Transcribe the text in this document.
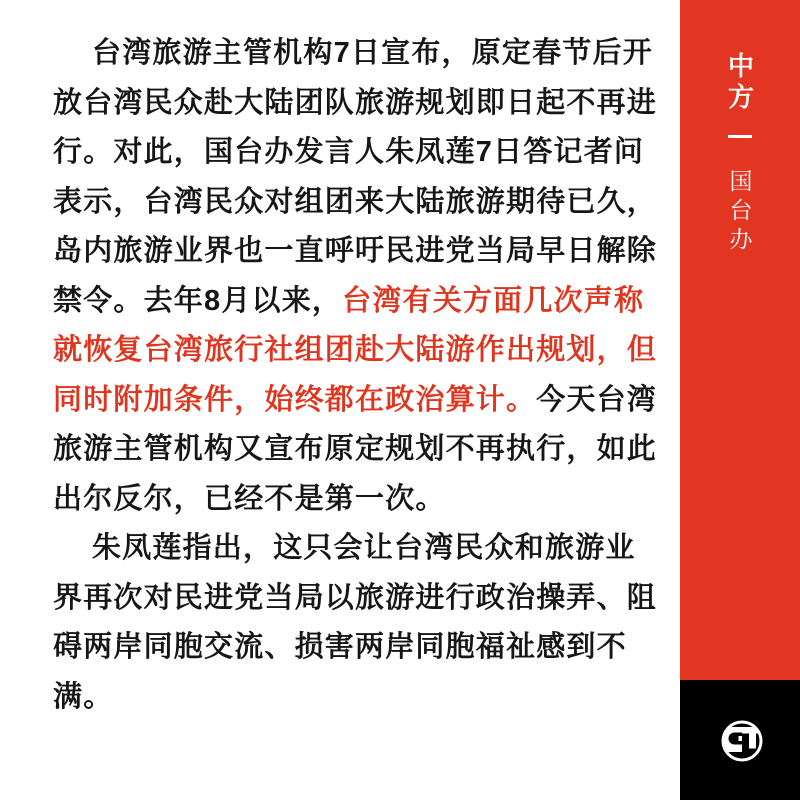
台湾旅游主管机构7日宣布，原定春节后开
放台湾民众赴大陆团队旅游规划即日起不再进
行。对此，国台办发言人朱凤莲7日答记者问
表示，台湾民众对组团来大陆旅游期待已久，
岛内旅游业界也一直呼吁民进党当局早日解除
禁令。去年8月以来，台湾有关方面几次声称
就恢复台湾旅行社组团赴大陆游作出规划，但
同时附加条件，始终都在政治算计。今天台湾
旅游主管机构又宣布原定规划不再执行，如此
出尔反尔，已经不是第一次。
朱凤莲指出，这只会让台湾民众和旅游业
界再次对民进党当局以旅游进行政治操弄、阻
碍两岸同胞交流、损害两岸同胞福祉感到不
满。
中方
国台办
